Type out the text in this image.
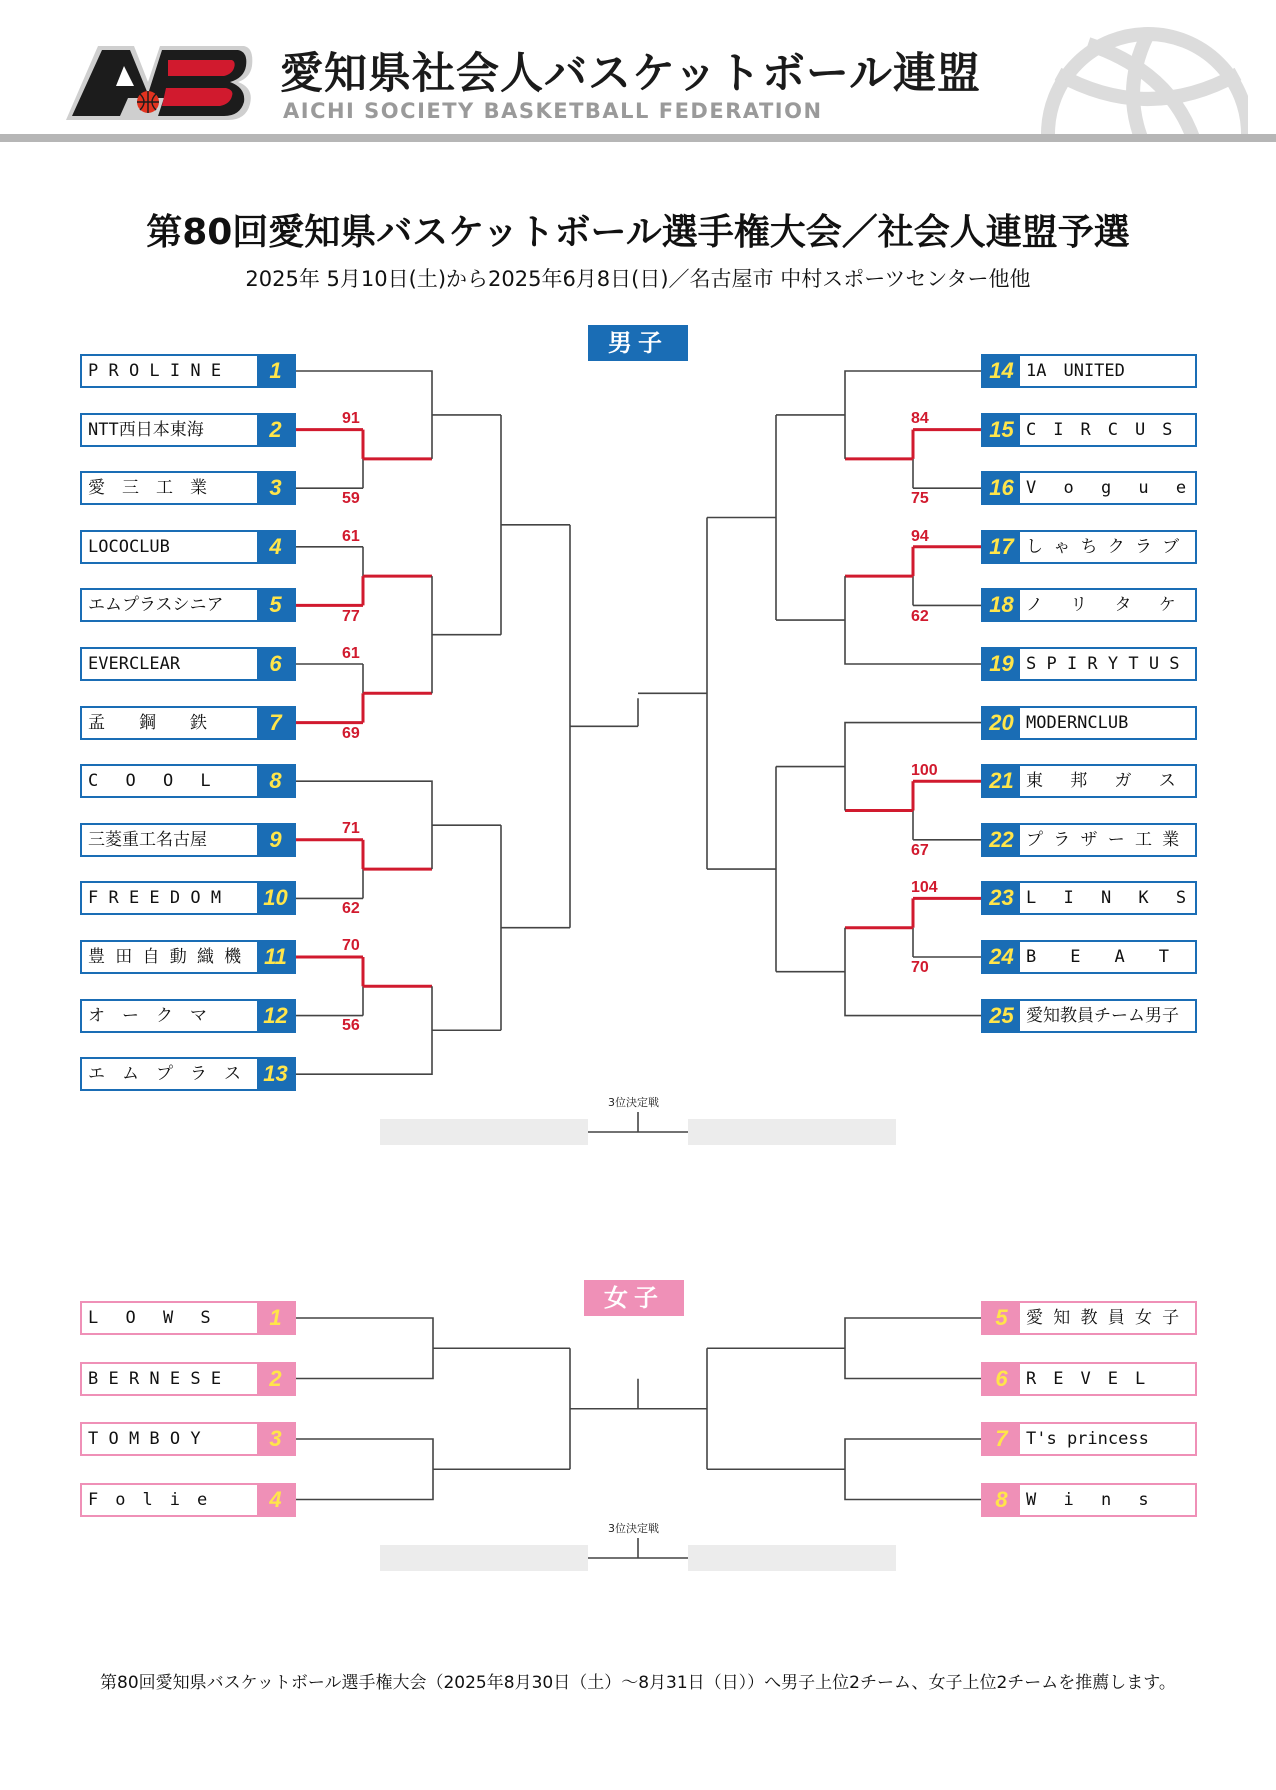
愛知県社会人バスケットボール連盟
AICHI SOCIETY BASKETBALL FEDERATION
第80回愛知県バスケットボール選手権大会／社会人連盟予選
2025年 5月10日(土)から2025年6月8日(日)／名古屋市 中村スポーツセンター他他
男子
P R O L I N E	1
NTT西日本東海	2
愛　三　工　業	3
LOCOCLUB	4
エムプラスシニア	5
EVERCLEAR	6
孟　　鋼　　鉄	7
C　 O　 O　 L	8
三菱重工名古屋	9
F R E E D O M 10
豊 田 自 動 織 機	11
オ　ー　ク　マ	12
エ　ム　プ　ラ　ス 13
14 1A　UNITED
15 C　I　R　C　U　S
16 V　 o　 g　 u　 e
17 し ゃ ち ク ラ ブ
18 ノ　 リ　 タ　 ケ
19 S P I R Y T U S
20 MODERNCLUB
21 東　 邦　 ガ　 ス
22 プ ラ ザ ー 工 業
23 L　 I　 N　 K　 S
24 B　　E　　A　　T
25 愛知教員チーム男子
女子
L　 O　 W　 S	1
B E R N E S E	2
T O M B O Y	3
F　o　l　i　e	4
5	愛 知 教 員 女 子
6	R　E　V　E　L
7	T's princess
8	W　 i　 n　 s
91
59
61
77
61
69
71
62
70
56
84
75
94
62
100
67
104
70
3位決定戦
3位決定戦
第80回愛知県バスケットボール選手権大会（2025年8月30日（土）～8月31日（日））へ男子上位2チーム、女子上位2チームを推薦します。
